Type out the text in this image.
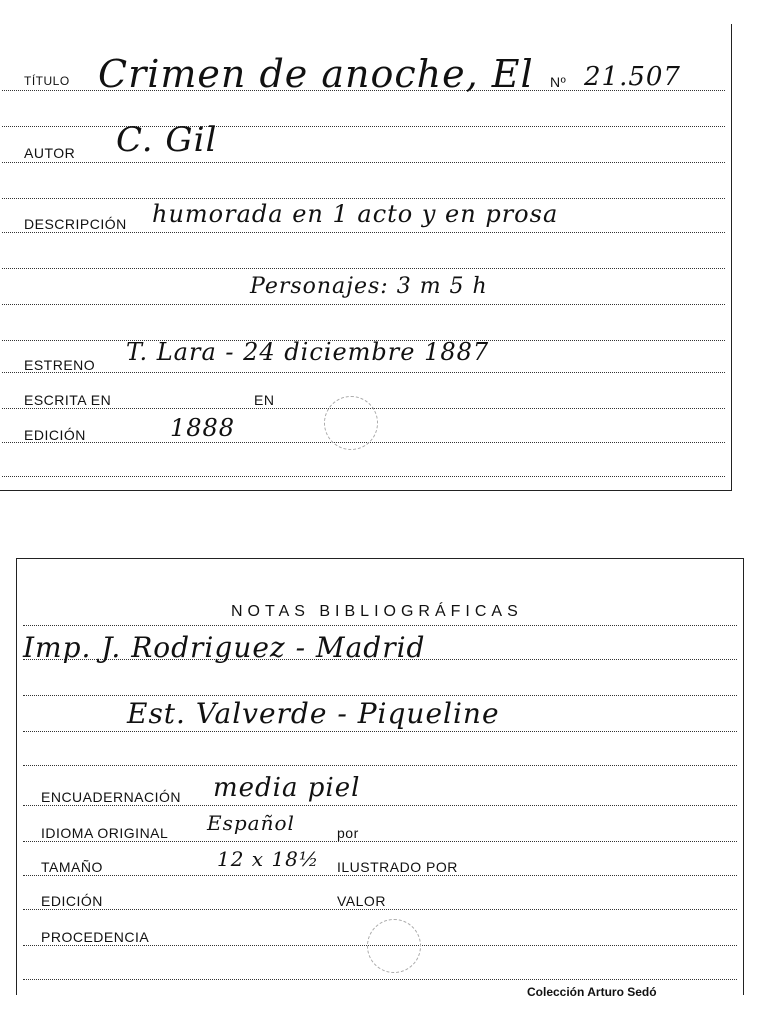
TÍTULO Crimen de anoche, El Nº 21.507
AUTOR C. Gil
DESCRIPCIÓN humorada en 1 acto y en prosa
Personajes: 3 m 5 h
ESTRENO T. Lara - 24 diciembre 1887
ESCRITA EN	EN
EDICIÓN	1888
NOTAS BIBLIOGRÁFICAS
Imp. J. Rodriguez - Madrid
Est. Valverde - Piqueline
ENCUADERNACIÓN media piel
IDIOMA ORIGINAL Español	por
TAMAÑO	12 x 18½ ILUSTRADO POR
EDICIÓN	VALOR
PROCEDENCIA
Colección Arturo Sedó
